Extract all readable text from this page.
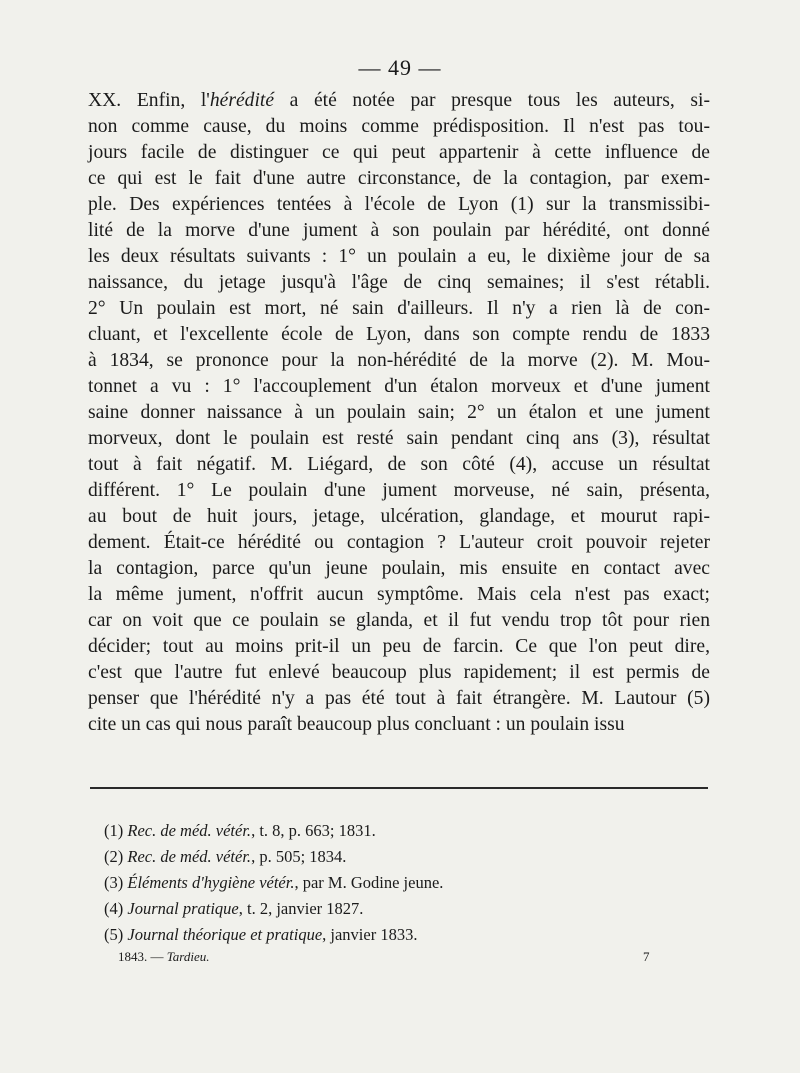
— 49 —
XX. Enfin, l'hérédité a été notée par presque tous les auteurs, si-
non comme cause, du moins comme prédisposition. Il n'est pas tou-
jours facile de distinguer ce qui peut appartenir à cette influence de
ce qui est le fait d'une autre circonstance, de la contagion, par exem-
ple. Des expériences tentées à l'école de Lyon (1) sur la transmissibi-
lité de la morve d'une jument à son poulain par hérédité, ont donné
les deux résultats suivants : 1° un poulain a eu, le dixième jour de sa
naissance, du jetage jusqu'à l'âge de cinq semaines; il s'est rétabli.
2° Un poulain est mort, né sain d'ailleurs. Il n'y a rien là de con-
cluant, et l'excellente école de Lyon, dans son compte rendu de 1833
à 1834, se prononce pour la non-hérédité de la morve (2). M. Mou-
tonnet a vu : 1° l'accouplement d'un étalon morveux et d'une jument
saine donner naissance à un poulain sain; 2° un étalon et une jument
morveux, dont le poulain est resté sain pendant cinq ans (3), résultat
tout à fait négatif. M. Liégard, de son côté (4), accuse un résultat
différent. 1° Le poulain d'une jument morveuse, né sain, présenta,
au bout de huit jours, jetage, ulcération, glandage, et mourut rapi-
dement. Était-ce hérédité ou contagion ? L'auteur croit pouvoir rejeter
la contagion, parce qu'un jeune poulain, mis ensuite en contact avec
la même jument, n'offrit aucun symptôme. Mais cela n'est pas exact;
car on voit que ce poulain se glanda, et il fut vendu trop tôt pour rien
décider; tout au moins prit-il un peu de farcin. Ce que l'on peut dire,
c'est que l'autre fut enlevé beaucoup plus rapidement; il est permis de
penser que l'hérédité n'y a pas été tout à fait étrangère. M. Lautour (5)
cite un cas qui nous paraît beaucoup plus concluant : un poulain issu
(1) Rec. de méd. vétér., t. 8, p. 663; 1831.
(2) Rec. de méd. vétér., p. 505; 1834.
(3) Éléments d'hygiène vétér., par M. Godine jeune.
(4) Journal pratique, t. 2, janvier 1827.
(5) Journal théorique et pratique, janvier 1833.
1843. — Tardieu.	7
